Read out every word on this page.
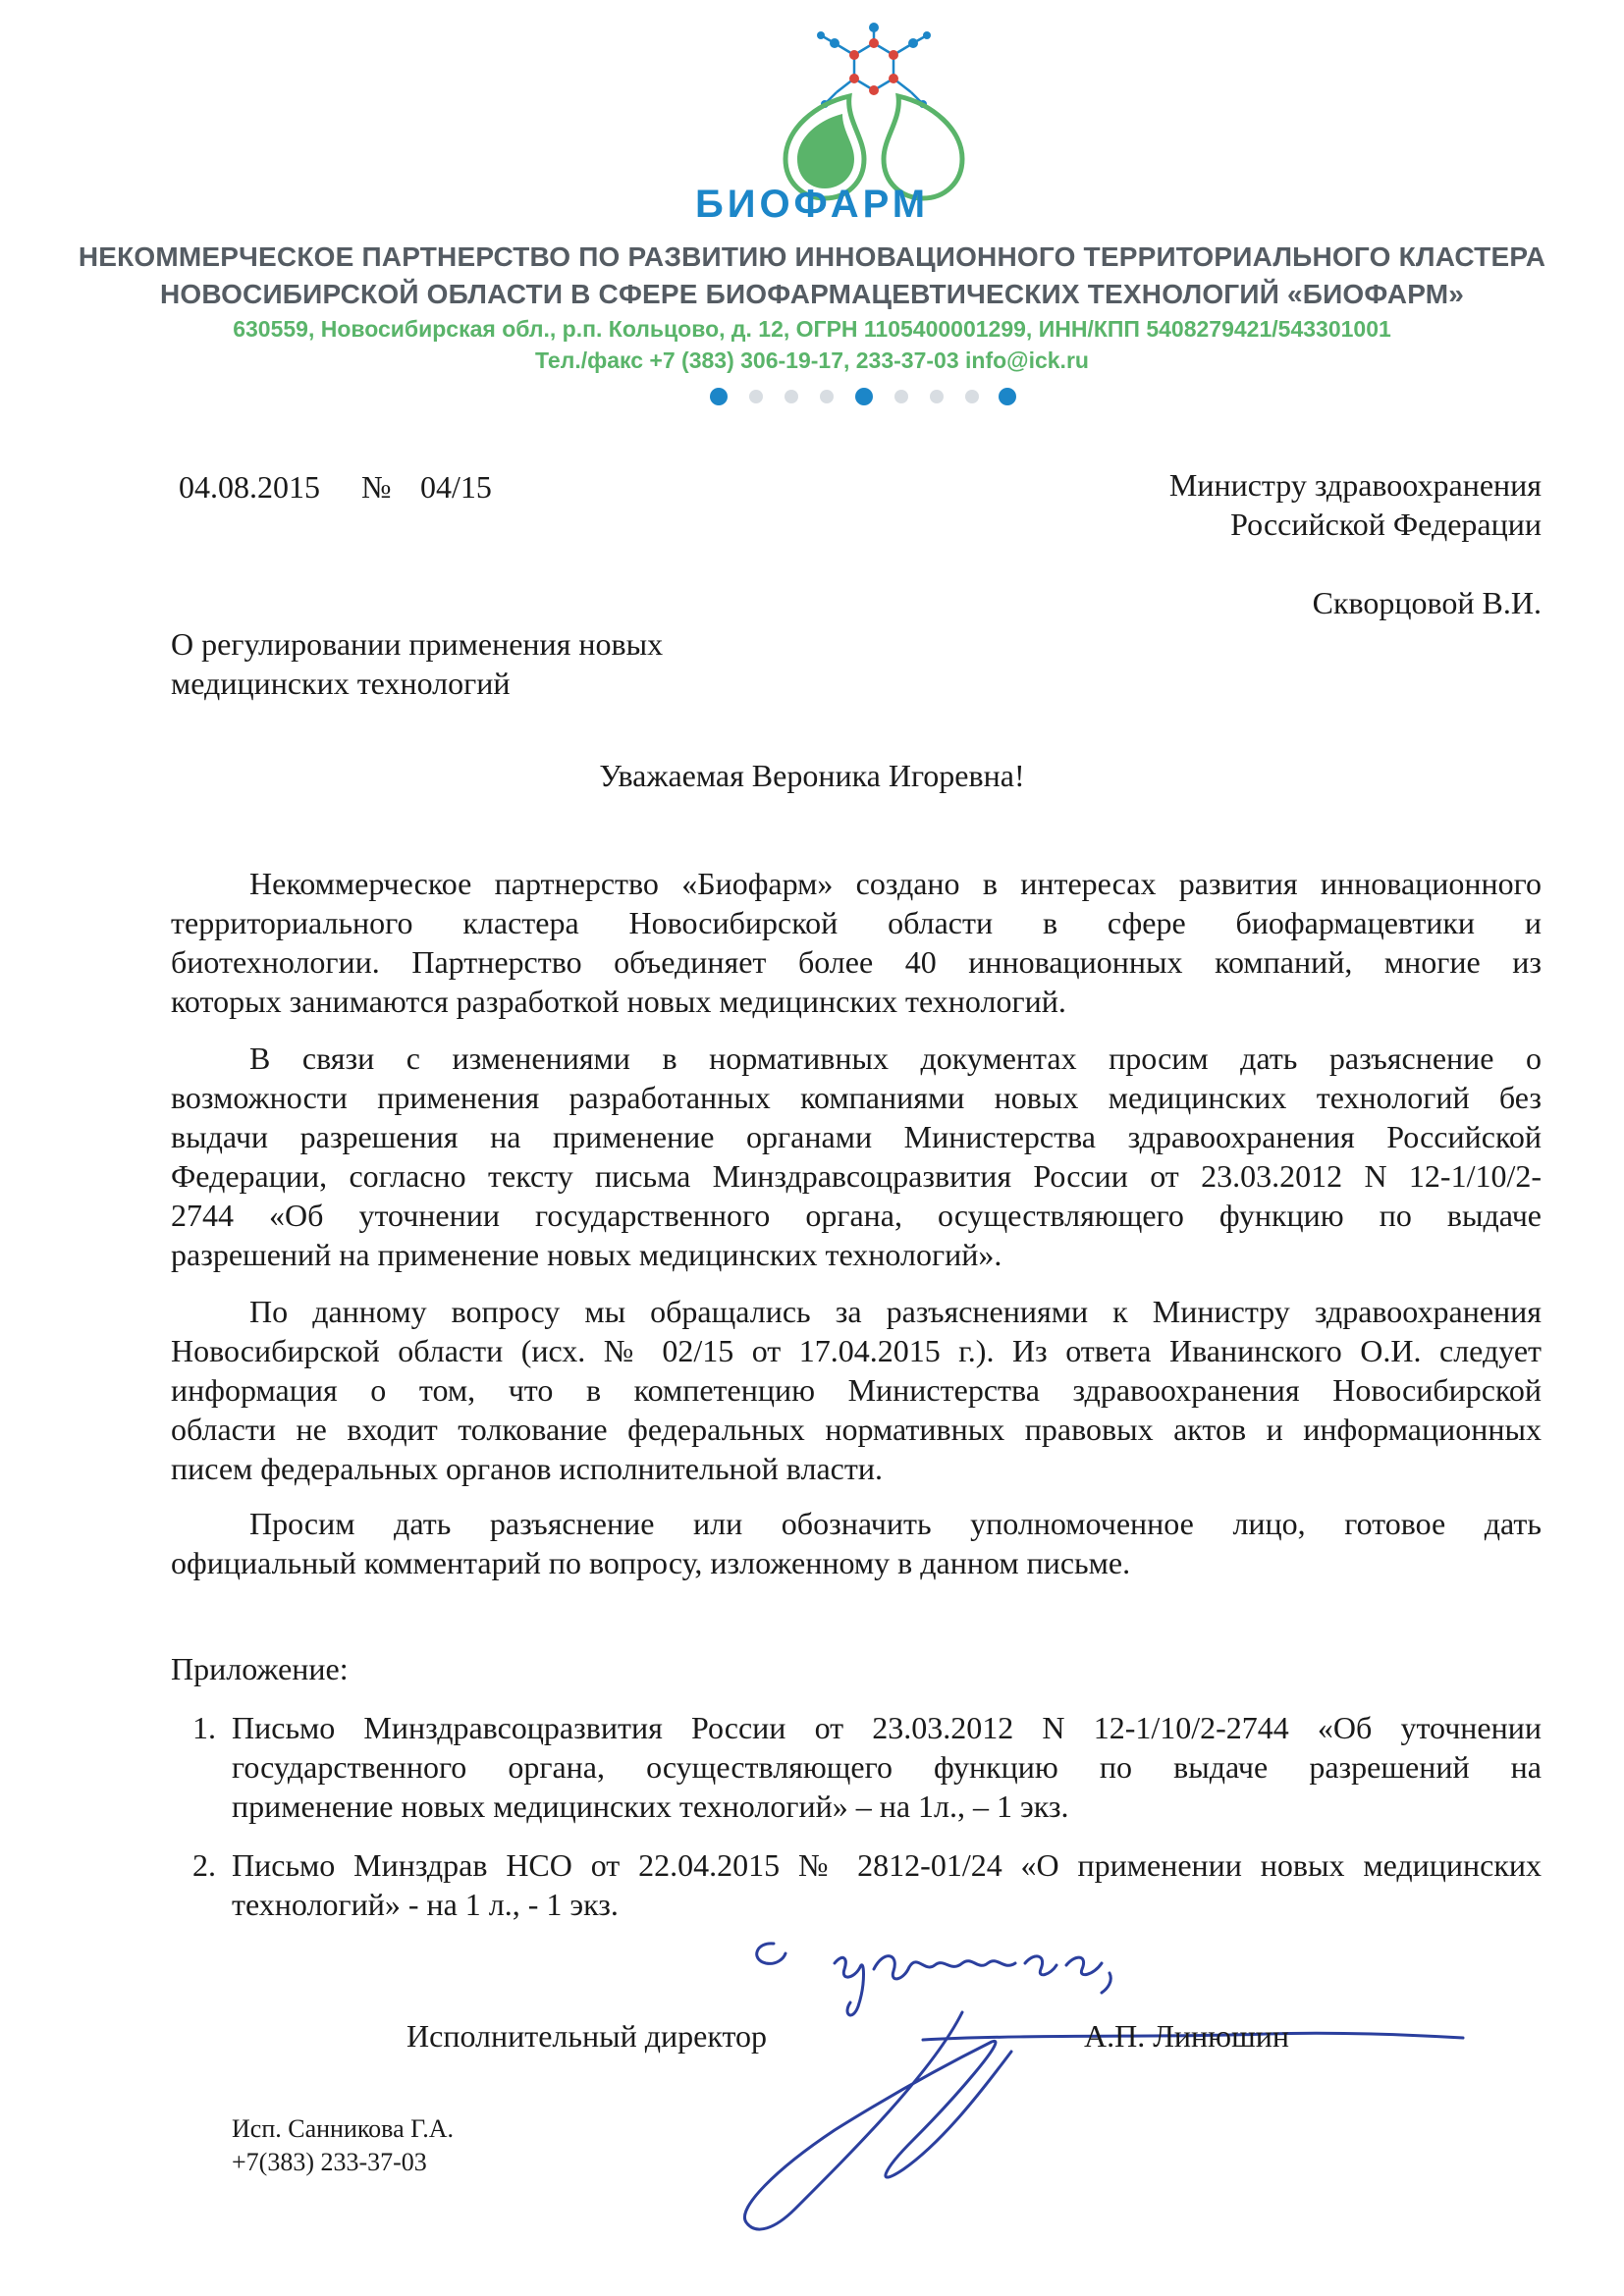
БИОФАРМ
НЕКОММЕРЧЕСКОЕ ПАРТНЕРСТВО ПО РАЗВИТИЮ ИННОВАЦИОННОГО ТЕРРИТОРИАЛЬНОГО КЛАСТЕРА
НОВОСИБИРСКОЙ ОБЛАСТИ В СФЕРЕ БИОФАРМАЦЕВТИЧЕСКИХ ТЕХНОЛОГИЙ «БИОФАРМ»
630559, Новосибирская обл., р.п. Кольцово, д. 12, ОГРН 1105400001299, ИНН/КПП 5408279421/543301001
Тел./факс +7 (383) 306-19-17, 233-37-03 info@ick.ru
04.08.2015 № 04/15	Министру здравоохранения
Российской Федерации
Скворцовой В.И.
О регулировании применения новых
медицинских технологий
Уважаемая Вероника Игоревна!
Некоммерческое партнерство «Биофарм» создано в интересах развития инновационного
территориального кластера Новосибирской области в сфере биофармацевтики и
биотехнологии. Партнерство объединяет более 40 инновационных компаний, многие из
которых занимаются разработкой новых медицинских технологий.
В связи с изменениями в нормативных документах просим дать разъяснение о
возможности применения разработанных компаниями новых медицинских технологий без
выдачи разрешения на применение органами Министерства здравоохранения Российской
Федерации, согласно тексту письма Минздравсоцразвития России от 23.03.2012 N 12-1/10/2-
2744 «Об уточнении государственного органа, осуществляющего функцию по выдаче
разрешений на применение новых медицинских технологий».
По данному вопросу мы обращались за разъяснениями к Министру здравоохранения
Новосибирской области (исх. № 02/15 от 17.04.2015 г.). Из ответа Иванинского О.И. следует
информация о том, что в компетенцию Министерства здравоохранения Новосибирской
области не входит толкование федеральных нормативных правовых актов и информационных
писем федеральных органов исполнительной власти.
Просим дать разъяснение или обозначить уполномоченное лицо, готовое дать
официальный комментарий по вопросу, изложенному в данном письме.
Приложение:
1. Письмо Минздравсоцразвития России от 23.03.2012 N 12-1/10/2-2744 «Об уточнении
государственного органа, осуществляющего функцию по выдаче разрешений на
применение новых медицинских технологий» – на 1л., – 1 экз.
2. Письмо Минздрав НСО от 22.04.2015 № 2812-01/24 «О применении новых медицинских
технологий» - на 1 л., - 1 экз.
Исполнительный директор	А.П. Линюшин
Исп. Санникова Г.А.
+7(383) 233-37-03
